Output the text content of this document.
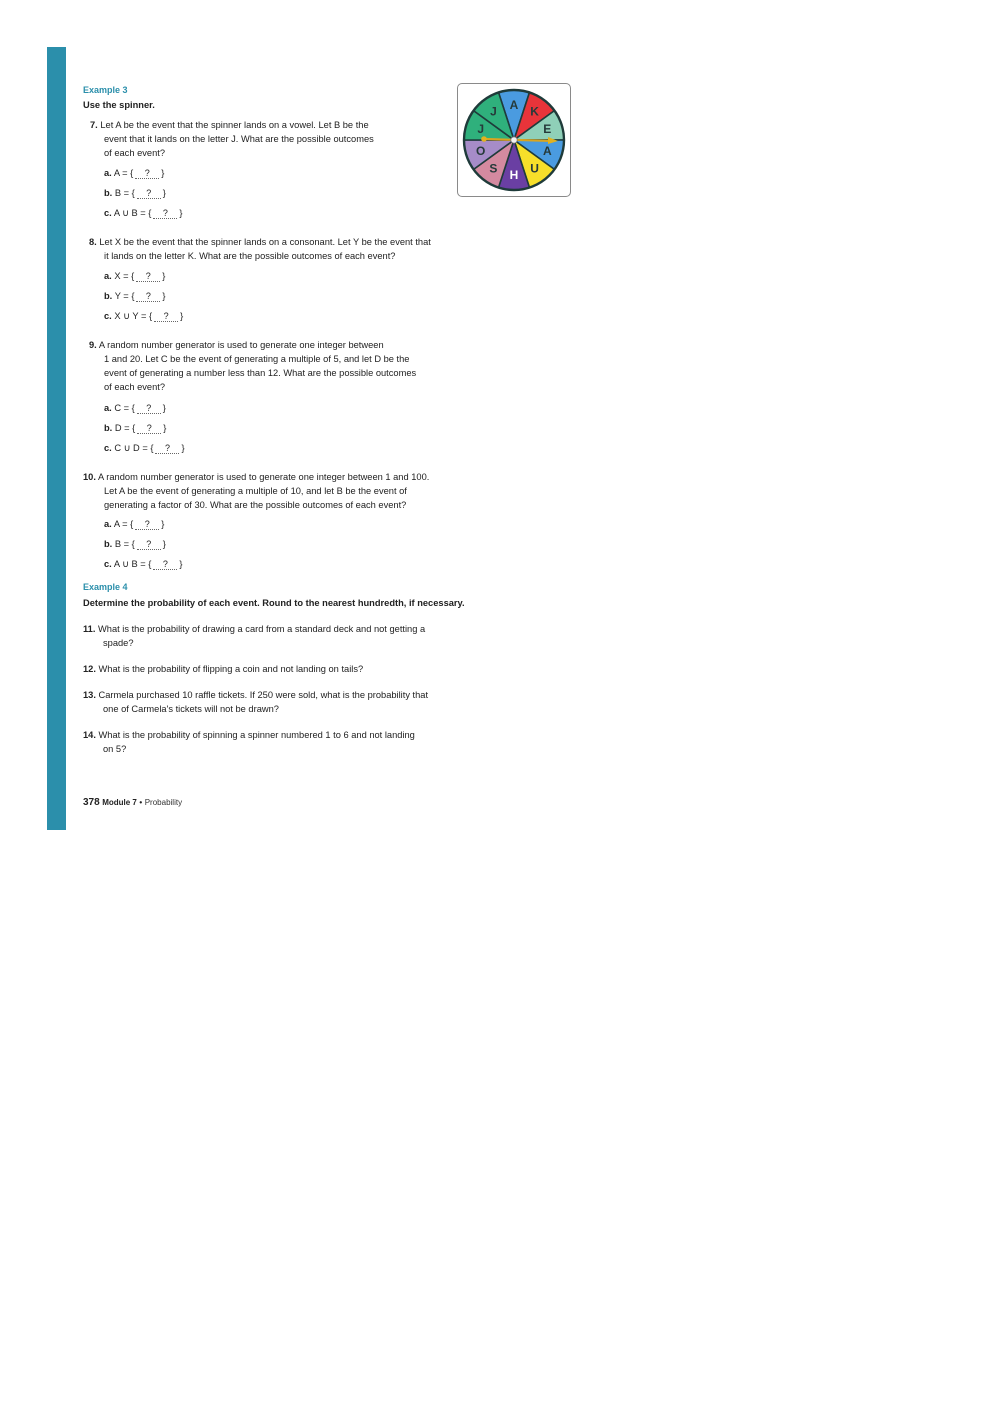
Example 3
Use the spinner.
7. Let A be the event that the spinner lands on a vowel. Let B be the
event that it lands on the letter J. What are the possible outcomes
of each event?
a. A = { ? }
b. B = { ? }
c. A ∪ B = { ? }
8. Let X be the event that the spinner lands on a consonant. Let Y be the event that
it lands on the letter K. What are the possible outcomes of each event?
a. X = { ? }
b. Y = { ? }
c. X ∪ Y = { ? }
9. A random number generator is used to generate one integer between
1 and 20. Let C be the event of generating a multiple of 5, and let D be the
event of generating a number less than 12. What are the possible outcomes
of each event?
a. C = { ? }
b. D = { ? }
c. C ∪ D = { ? }
10. A random number generator is used to generate one integer between 1 and 100.
Let A be the event of generating a multiple of 10, and let B be the event of
generating a factor of 30. What are the possible outcomes of each event?
a. A = { ? }
b. B = { ? }
c. A ∪ B = { ? }
Example 4
Determine the probability of each event. Round to the nearest hundredth, if necessary.
11. What is the probability of drawing a card from a standard deck and not getting a
spade?
12. What is the probability of flipping a coin and not landing on tails?
13. Carmela purchased 10 raffle tickets. If 250 were sold, what is the probability that
one of Carmela's tickets will not be drawn?
14. What is the probability of spinning a spinner numbered 1 to 6 and not landing
on 5?
A K
E
A
U
H
S
O
J
J
378 Module 7 • Probability
